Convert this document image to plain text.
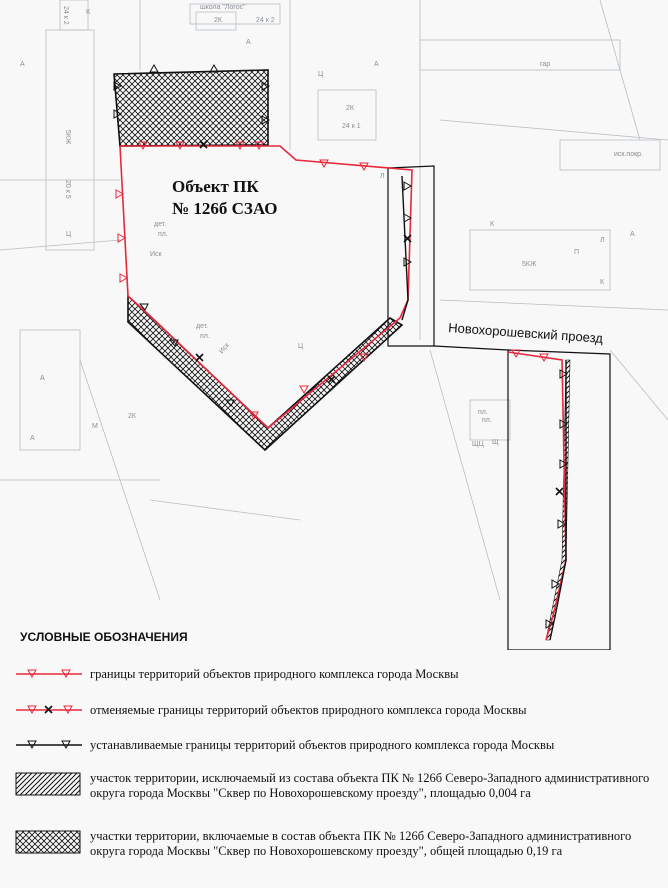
школа "Логос"
24 к 2
2К
2К
24 к 1
5КЖ
5КЖ
20 к 5
24 к 2
дет.
пл.
Иск
дет.
пл.
Иск
Ц
Ц
Ц
А
А
А
А
А
А
М
Л
Л
П
К
К
К
Щ
ЩЦ
гар
иск.покр.
пл.
пл.
2К
Объект ПК
№ 126б СЗАО
Новохорошевский проезд
УСЛОВНЫЕ ОБОЗНАЧЕНИЯ
границы территорий объектов природного комплекса города Москвы
отменяемые границы территорий объектов природного комплекса города Москвы
устанавливаемые границы территорий объектов природного комплекса города Москвы
участок территории, исключаемый из состава объекта ПК № 126б Северо-Западного административного округа города Москвы "Сквер по Новохорошевскому проезду", площадью 0,004 га
участки территории, включаемые в состав объекта ПК № 126б Северо-Западного административного округа города Москвы "Сквер по Новохорошевскому проезду", общей площадью 0,19 га
